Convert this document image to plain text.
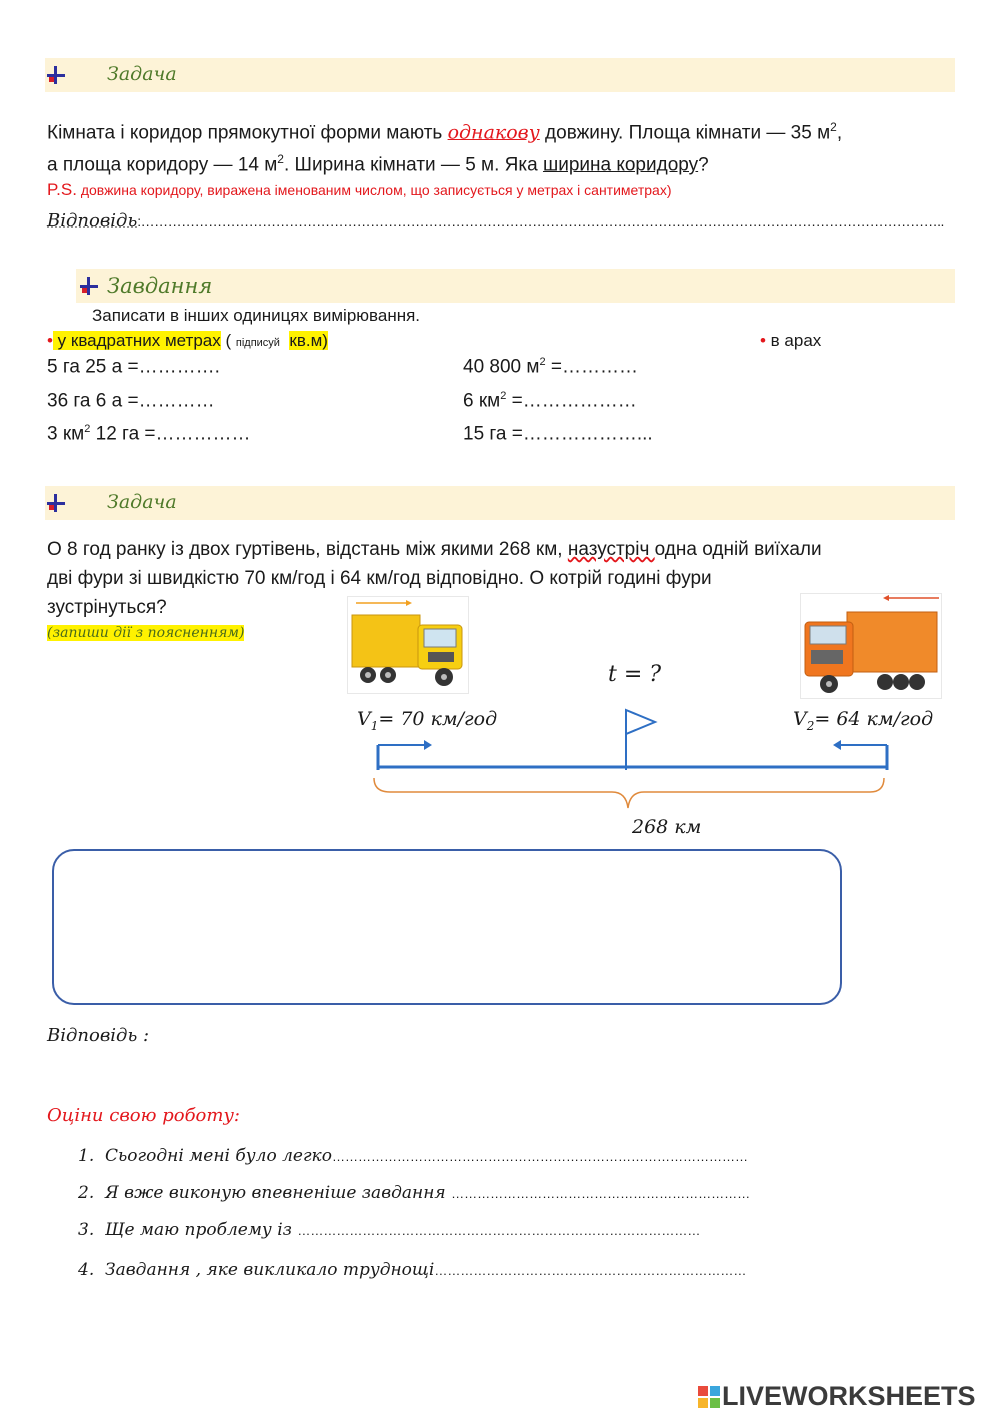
Задача
Кімната і коридор прямокутної форми мають однакову довжину. Площа кімнати — 35 $м^2$,
а площа коридору — 14 $м^2$. Ширина кімнати — 5 м. Яка ширина коридору?
P.S. довжина коридору, виражена іменованим числом, що записується у метрах і сантиметрах)
Відповідь:……………………………………………………………………………………………………………………………………………………………..
Завдання
Записати в інших одиницях вимірювання.
• у квадратних метрах ( підписуй кв.м)	• в арах
5 га 25 а =………….
36 га 6 а =…………
3 $км^2$ 12 га =……………
40 800 $м^2$ =…………
6 $км^2$ =………………
15 га =………………...
Задача
О 8 год ранку із двох гуртівень, відстань між якими 268 км, назустріч одна одній виїхали
дві фури зі швидкістю 70 км/год і 64 км/год відповідно. О котрій годині фури
зустрінуться?
(запиши дії з поясненням)
t = ?
$V_1= 70$ км/год	$V_2= 64$ км/год
268 км
Відповідь :
Оціни свою роботу:
1. Сьогодні мені було легко……………………………………………………………………………………
2. Я вже виконую впевненіше завдання ……………………………………………………………
3. Ще маю проблему із …………………………………………………………………………………
4. Завдання , яке викликало труднощі………………………………………………………………
LIVEWORKSHEETS
